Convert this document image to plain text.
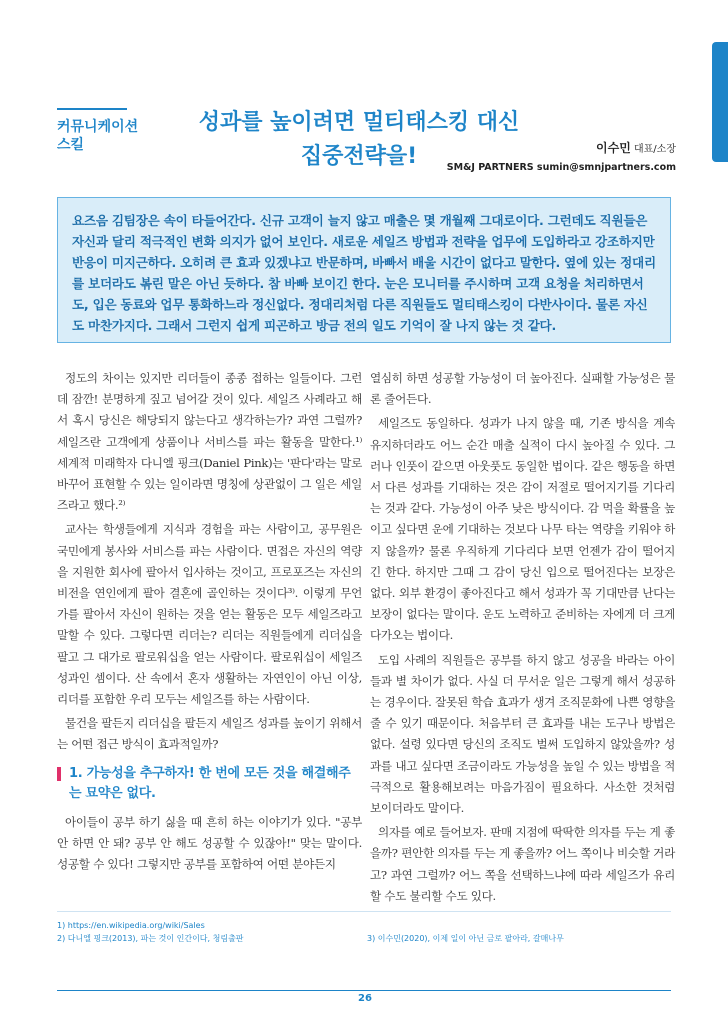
커뮤니케이션
스킬
성과를 높이려면 멀티태스킹 대신
집중전략을!	이수민 대표/소장
SM&J PARTNERS sumin@smnjpartners.com
요즈음 김팀장은 속이 타들어간다. 신규 고객이 늘지 않고 매출은 몇 개월째 그대로이다. 그런데도 직원들은 자신과 달리 적극적인 변화 의지가 없어 보인다. 새로운 세일즈 방법과 전략을 업무에 도입하라고 강조하지만 반응이 미지근하다. 오히려 큰 효과 있겠냐고 반문하며, 바빠서 배울 시간이 없다고 말한다. 옆에 있는 정대리를 보더라도 볶린 말은 아닌 듯하다. 참 바빠 보이긴 한다. 눈은 모니터를 주시하며 고객 요청을 처리하면서도, 입은 동료와 업무 통화하느라 정신없다. 정대리처럼 다른 직원들도 멀티태스킹이 다반사이다. 물론 자신도 마찬가지다. 그래서 그런지 쉽게 피곤하고 방금 전의 일도 기억이 잘 나지 않는 것 같다.

정도의 차이는 있지만 리더들이 종종 접하는 일들이다. 그런데 잠깐! 분명하게 짚고 넘어갈 것이 있다. 세일즈 사례라고 해서 혹시 당신은 해당되지 않는다고 생각하는가? 과연 그럴까? 세일즈란 고객에게 상품이나 서비스를 파는 활동을 말한다.¹⁾ 세계적 미래학자 다니엘 핑크(Daniel Pink)는 '판다'라는 말로 바꾸어 표현할 수 있는 일이라면 명칭에 상관없이 그 일은 세일즈라고 했다.²⁾

교사는 학생들에게 지식과 경험을 파는 사람이고, 공무원은 국민에게 봉사와 서비스를 파는 사람이다. 면접은 자신의 역량을 지원한 회사에 팔아서 입사하는 것이고, 프로포즈는 자신의 비전을 연인에게 팔아 결혼에 골인하는 것이다³⁾. 이렇게 무언가를 팔아서 자신이 원하는 것을 얻는 활동은 모두 세일즈라고 말할 수 있다. 그렇다면 리더는? 리더는 직원들에게 리더십을 팔고 그 대가로 팔로워십을 얻는 사람이다. 팔로워십이 세일즈 성과인 셈이다. 산 속에서 혼자 생활하는 자연인이 아닌 이상, 리더를 포함한 우리 모두는 세일즈를 하는 사람이다.

물건을 팔든지 리더십을 팔든지 세일즈 성과를 높이기 위해서는 어떤 접근 방식이 효과적일까?

1. 가능성을 추구하자! 한 번에 모든 것을 해결해주는 묘약은 없다.

아이들이 공부 하기 싫을 때 흔히 하는 이야기가 있다. "공부 안 하면 안 돼? 공부 안 해도 성공할 수 있잖아!" 맞는 말이다. 성공할 수 있다! 그렇지만 공부를 포함하여 어떤 분야든지

열심히 하면 성공할 가능성이 더 높아진다. 실패할 가능성은 물론 줄어든다.

세일즈도 동일하다. 성과가 나지 않을 때, 기존 방식을 계속 유지하더라도 어느 순간 매출 실적이 다시 높아질 수 있다. 그러나 인풋이 같으면 아웃풋도 동일한 법이다. 같은 행동을 하면서 다른 성과를 기대하는 것은 감이 저절로 떨어지기를 기다리는 것과 같다. 가능성이 아주 낮은 방식이다. 감 먹을 확률을 높이고 싶다면 운에 기대하는 것보다 나무 타는 역량을 키워야 하지 않을까? 물론 우직하게 기다리다 보면 언젠가 감이 떨어지긴 한다. 하지만 그때 그 감이 당신 입으로 떨어진다는 보장은 없다. 외부 환경이 좋아진다고 해서 성과가 꼭 기대만큼 난다는 보장이 없다는 말이다. 운도 노력하고 준비하는 자에게 더 크게 다가오는 법이다.

도입 사례의 직원들은 공부를 하지 않고 성공을 바라는 아이들과 별 차이가 없다. 사실 더 무서운 일은 그렇게 해서 성공하는 경우이다. 잘못된 학습 효과가 생겨 조직문화에 나쁜 영향을 줄 수 있기 때문이다. 처음부터 큰 효과를 내는 도구나 방법은 없다. 설령 있다면 당신의 조직도 벌써 도입하지 않았을까? 성과를 내고 싶다면 조금이라도 가능성을 높일 수 있는 방법을 적극적으로 활용해보려는 마음가짐이 필요하다. 사소한 것처럼 보이더라도 말이다.

의자를 예로 들어보자. 판매 지점에 딱딱한 의자를 두는 게 좋을까? 편안한 의자를 두는 게 좋을까? 어느 쪽이나 비슷할 거라고? 과연 그럴까? 어느 쪽을 선택하느냐에 따라 세일즈가 유리할 수도 불리할 수도 있다.

1) https://en.wikipedia.org/wiki/Sales
2) 다니엘 핑크(2013), 파는 것이 인간이다, 청림출판	3) 이수민(2020), 이제 일이 아닌 금로 팔아라, 갈매나무
26
